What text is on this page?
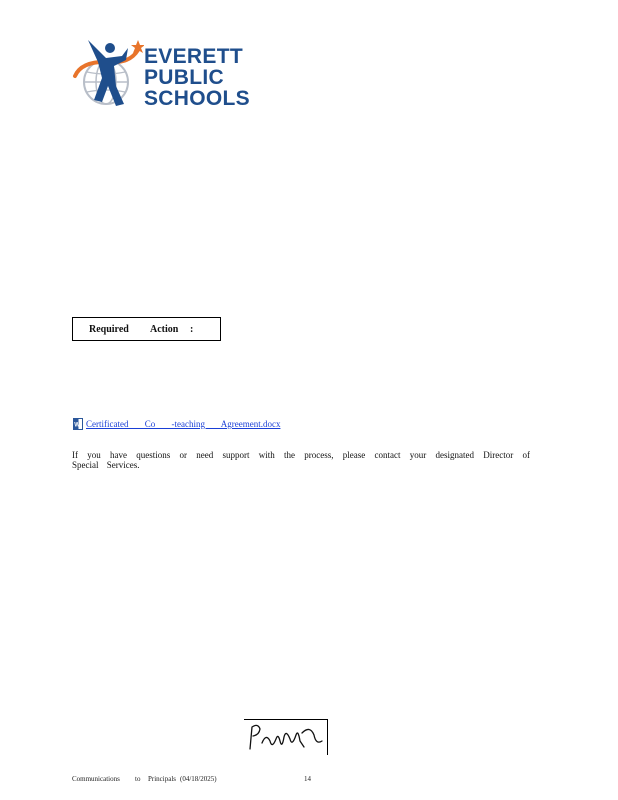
EVERETT
PUBLIC
SCHOOLS
Required Action :
W Certificated Co -teaching Agreement.docx
If you have questions or need support with the process, please contact your designated Director of Special Services.
Communications to Principals (04/18/2025)	14
